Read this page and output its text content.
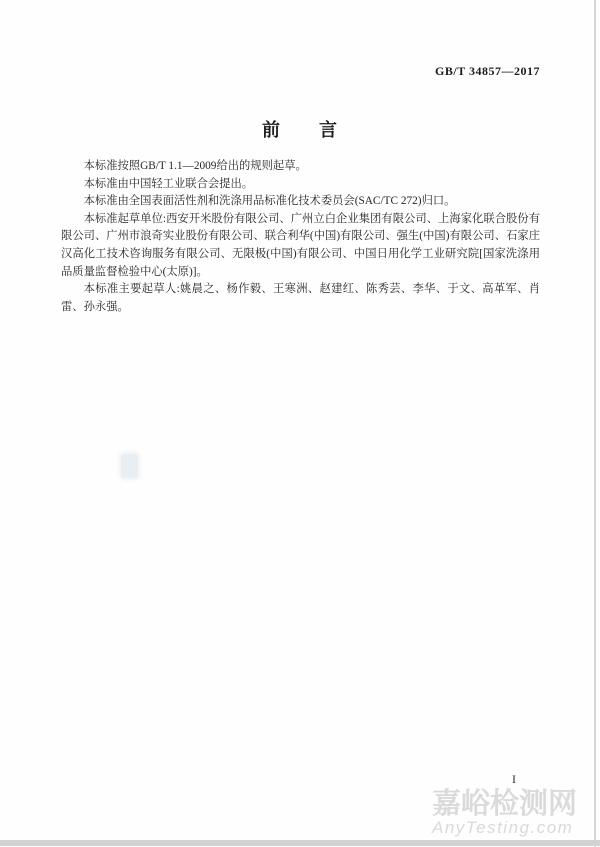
GB/T 34857—2017
前　　言

本标准按照GB/T 1.1—2009给出的规则起草。

本标准由中国轻工业联合会提出。

本标准由全国表面活性剂和洗涤用品标准化技术委员会(SAC/TC 272)归口。

本标准起草单位:西安开米股份有限公司、广州立白企业集团有限公司、上海家化联合股份有限公司、广州市浪奇实业股份有限公司、联合利华(中国)有限公司、强生(中国)有限公司、石家庄汉高化工技术咨询服务有限公司、无限极(中国)有限公司、中国日用化学工业研究院[国家洗涤用品质量监督检验中心(太原)]。

本标准主要起草人:姚晨之、杨作毅、王寒洲、赵建红、陈秀芸、李华、于文、高革军、肖雷、孙永强。

I
嘉峪检测网
AnyTesting.com
